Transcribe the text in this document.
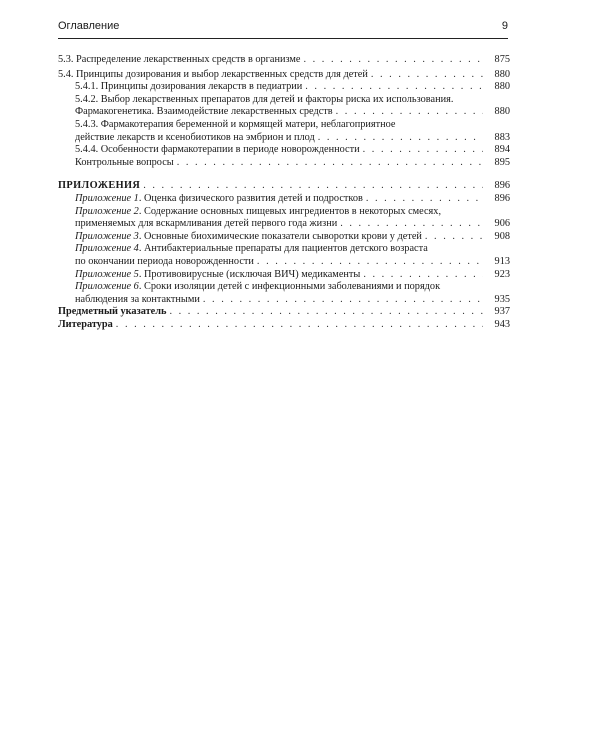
Оглавление	9
5.3. Распределение лекарственных средств в организме . . .	875
5.4. Принципы дозирования и выбор лекарственных средств для детей . . .	880
5.4.1. Принципы дозирования лекарств в педиатрии . . .	880
5.4.2. Выбор лекарственных препаратов для детей и факторы риска их использования.
Фармакогенетика. Взаимодействие лекарственных средств . . .	880
5.4.3. Фармакотерапия беременной и кормящей матери, неблагоприятное
действие лекарств и ксенобиотиков на эмбрион и плод . . .	883
5.4.4. Особенности фармакотерапии в периоде новорожденности . . .	894
Контрольные вопросы . . .	895
ПРИЛОЖЕНИЯ . . .	896
Приложение 1. Оценка физического развития детей и подростков . . .	896
Приложение 2. Содержание основных пищевых ингредиентов в некоторых смесях,
применяемых для вскармливания детей первого года жизни . . .	906
Приложение 3. Основные биохимические показатели сыворотки крови у детей . . .	908
Приложение 4. Антибактериальные препараты для пациентов детского возраста
по окончании периода новорожденности . . .	913
Приложение 5. Противовирусные (исключая ВИЧ) медикаменты . . .	923
Приложение 6. Сроки изоляции детей с инфекционными заболеваниями и порядок
наблюдения за контактными . . .	935
Предметный указатель . . .	937
Литература . . .	943
